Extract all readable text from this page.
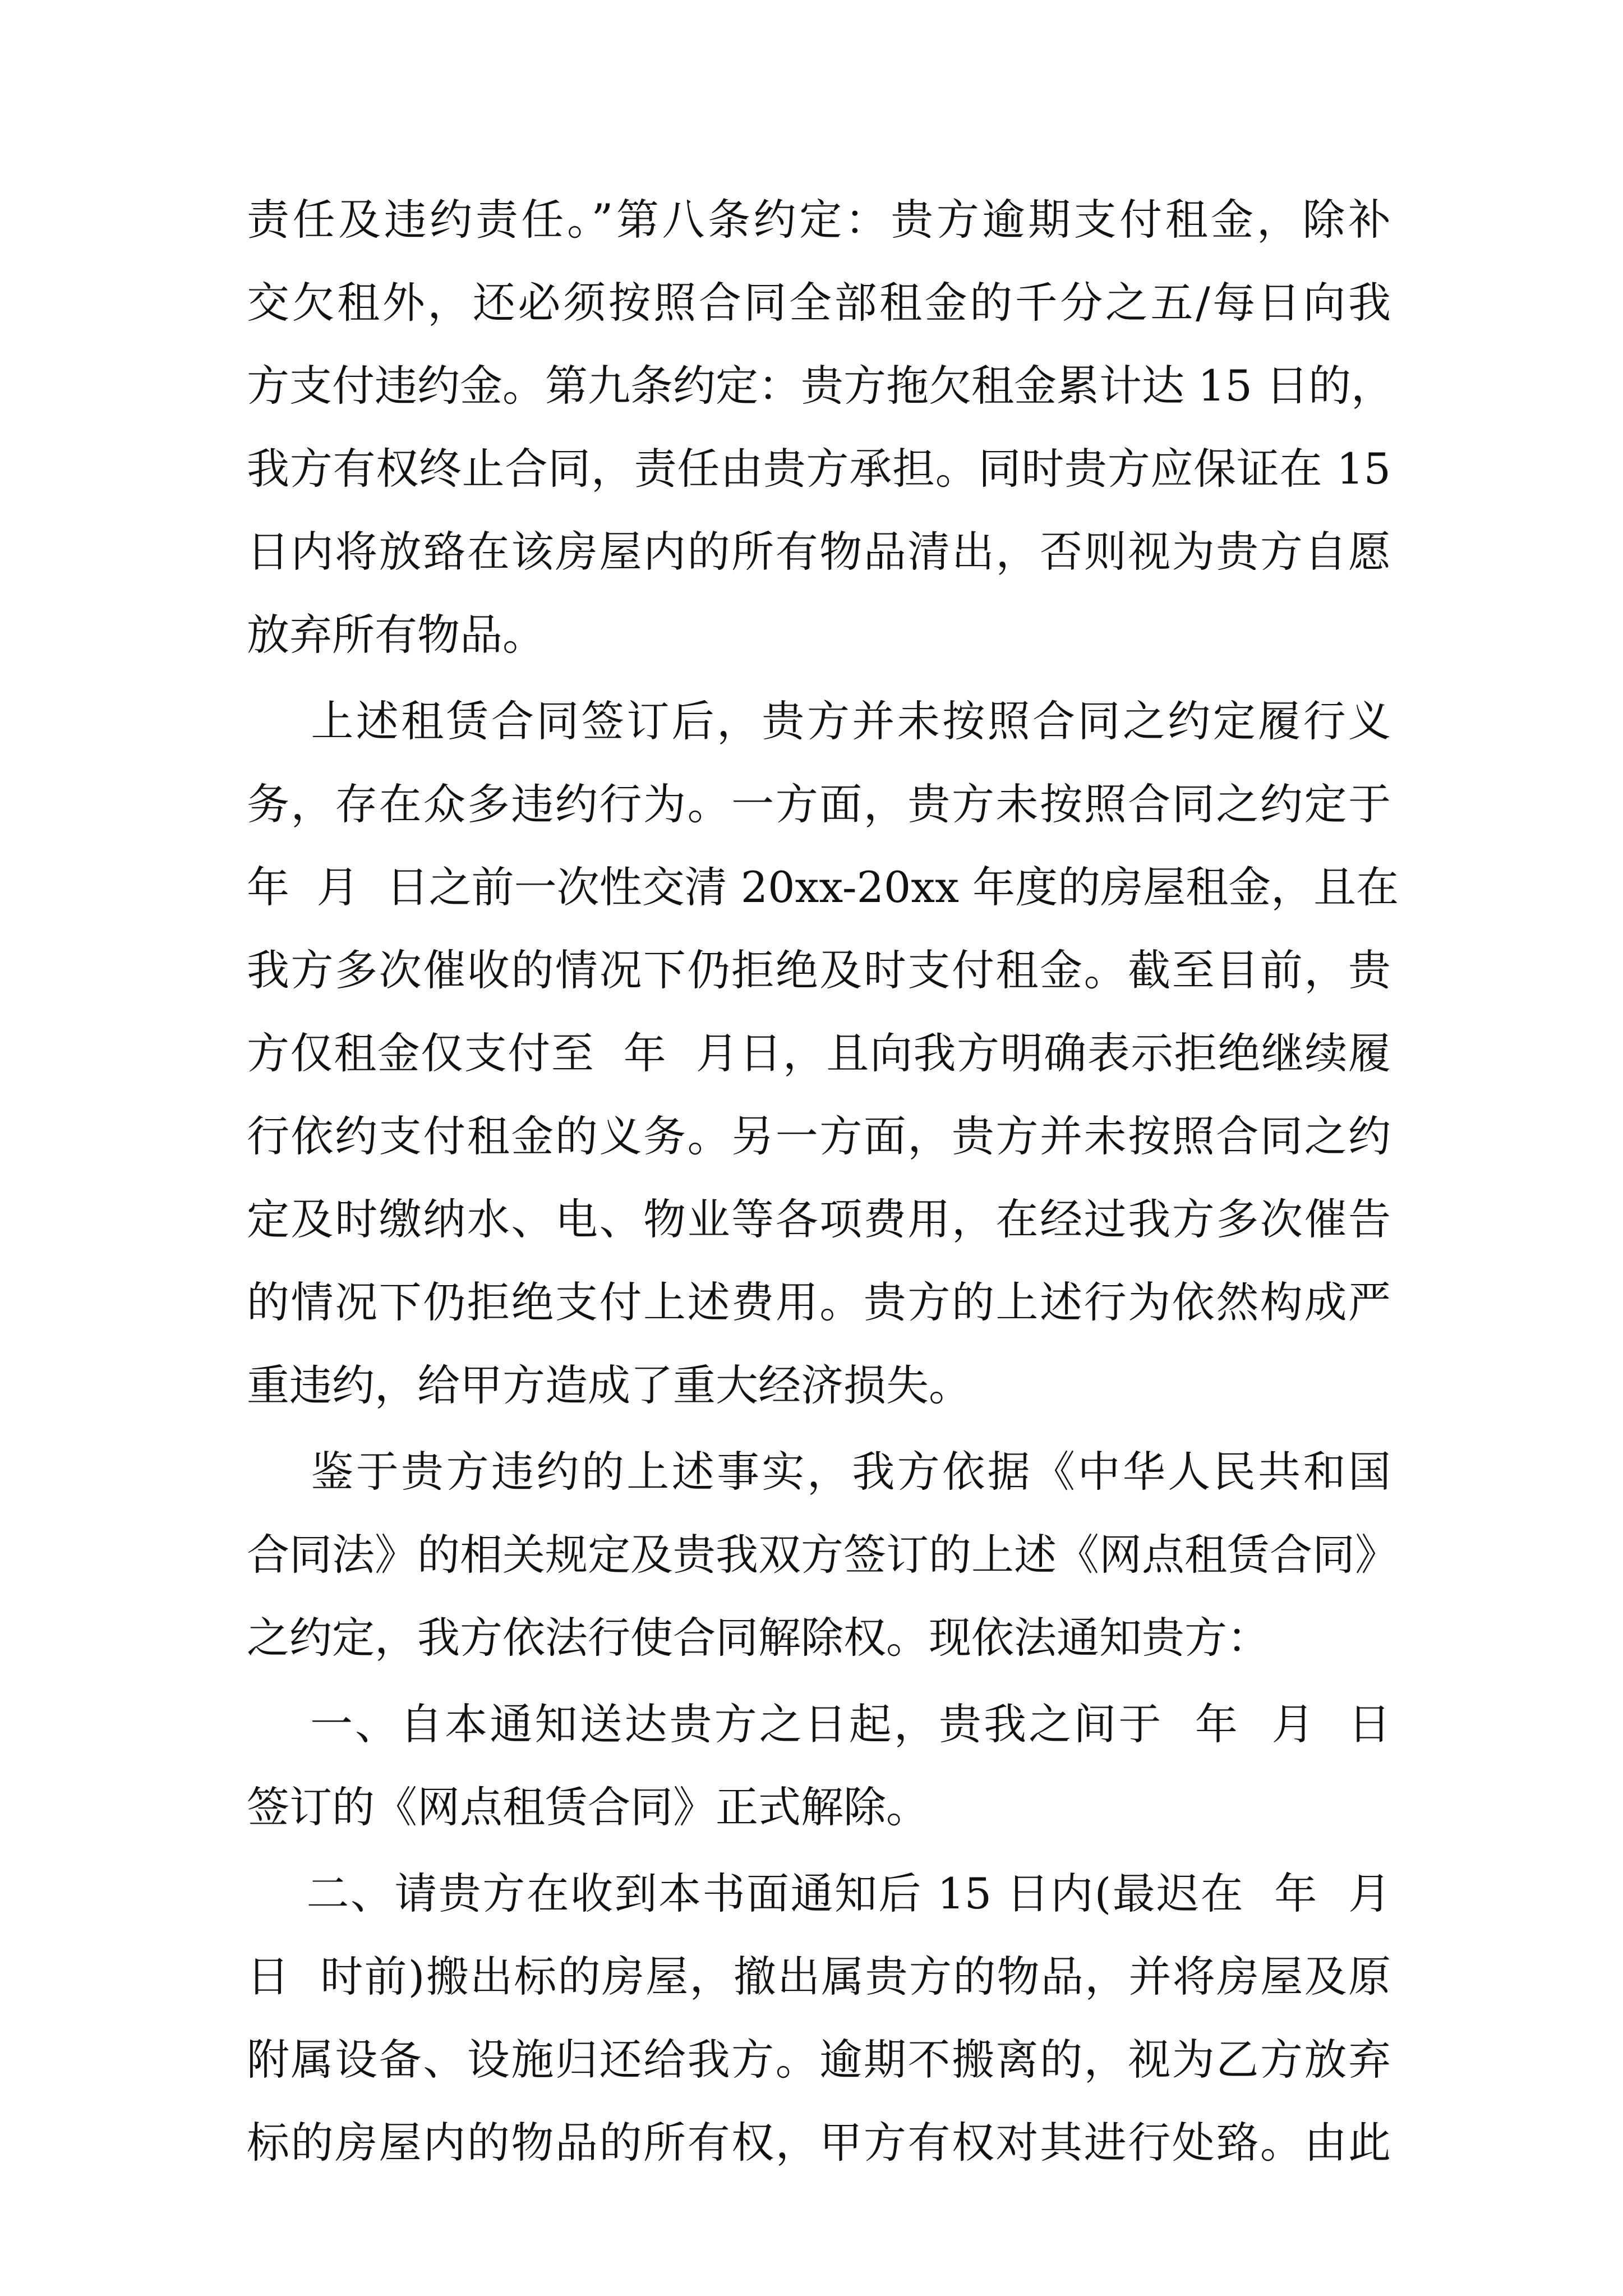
责任及违约责任。”第八条约定：贵方逾期支付租金，除补
交欠租外，还必须按照合同全部租金的千分之五/每日向我
方支付违约金。第九条约定：贵方拖欠租金累计达 15 日的，
我方有权终止合同，责任由贵方承担。同时贵方应保证在 15
日内将放臵在该房屋内的所有物品清出，否则视为贵方自愿
放弃所有物品。
上述租赁合同签订后，贵方并未按照合同之约定履行义
务，存在众多违约行为。一方面，贵方未按照合同之约定于
年  月  日之前一次性交清 20xx-20xx 年度的房屋租金，且在
我方多次催收的情况下仍拒绝及时支付租金。截至目前，贵
方仅租金仅支付至  年  月日，且向我方明确表示拒绝继续履
行依约支付租金的义务。另一方面，贵方并未按照合同之约
定及时缴纳水、电、物业等各项费用，在经过我方多次催告
的情况下仍拒绝支付上述费用。贵方的上述行为依然构成严
重违约，给甲方造成了重大经济损失。
鉴于贵方违约的上述事实，我方依据《中华人民共和国
合同法》的相关规定及贵我双方签订的上述《网点租赁合同》
之约定，我方依法行使合同解除权。现依法通知贵方：
一、自本通知送达贵方之日起，贵我之间于  年  月  日
签订的《网点租赁合同》正式解除。
二、请贵方在收到本书面通知后 15 日内(最迟在  年  月
日  时前)搬出标的房屋，撤出属贵方的物品，并将房屋及原
附属设备、设施归还给我方。逾期不搬离的，视为乙方放弃
标的房屋内的物品的所有权，甲方有权对其进行处臵。由此
